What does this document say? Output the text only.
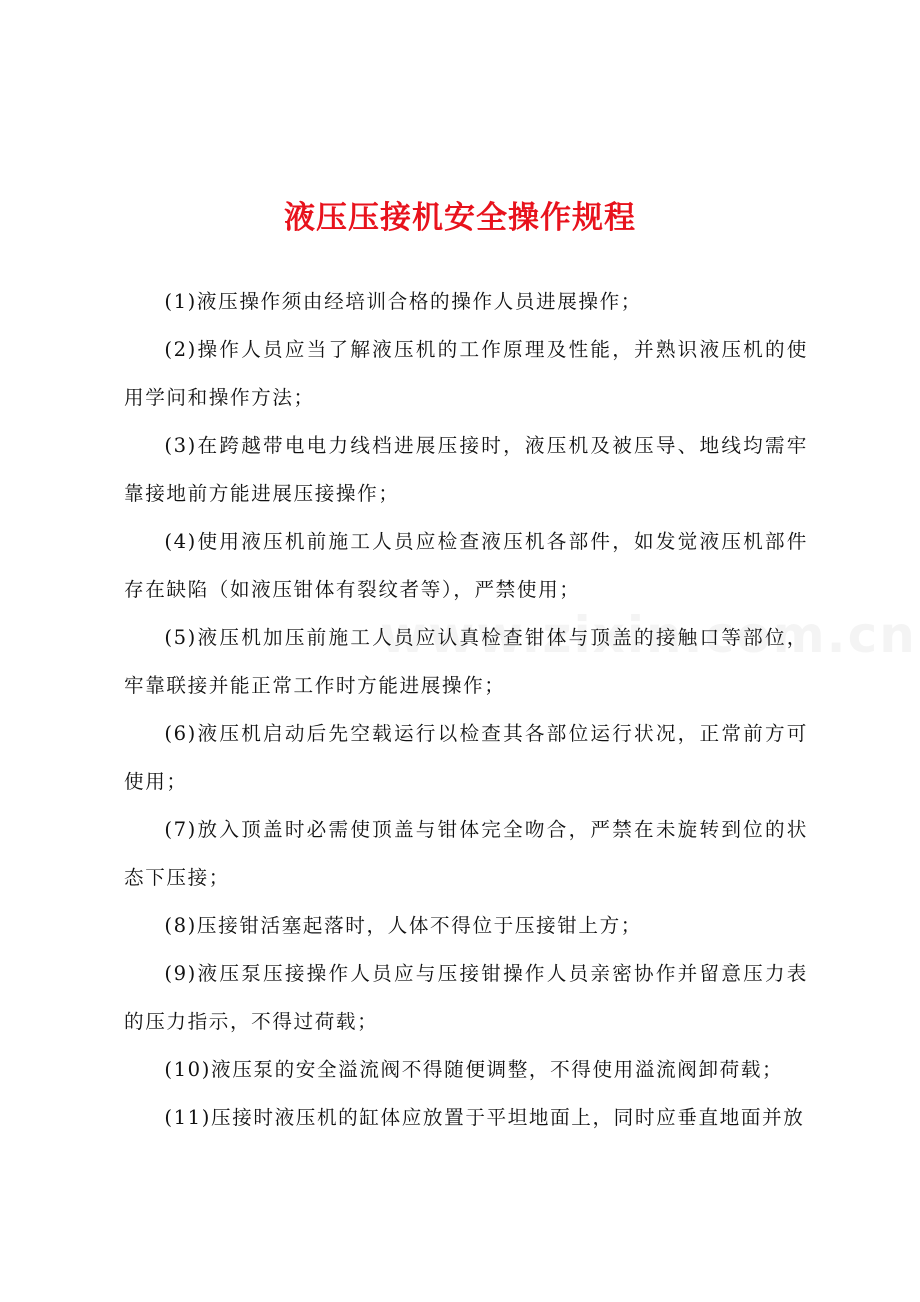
液压压接机安全操作规程

(1)液压操作须由经培训合格的操作人员进展操作；

(2)操作人员应当了解液压机的工作原理及性能，并熟识液压机的使用学问和操作方法；

(3)在跨越带电电力线档进展压接时，液压机及被压导、地线均需牢靠接地前方能进展压接操作；

(4)使用液压机前施工人员应检查液压机各部件，如发觉液压机部件存在缺陷（如液压钳体有裂纹者等），严禁使用；

(5)液压机加压前施工人员应认真检查钳体与顶盖的接触口等部位，牢靠联接并能正常工作时方能进展操作；

(6)液压机启动后先空载运行以检查其各部位运行状况，正常前方可使用；

(7)放入顶盖时必需使顶盖与钳体完全吻合，严禁在未旋转到位的状态下压接；

(8)压接钳活塞起落时，人体不得位于压接钳上方；

(9)液压泵压接操作人员应与压接钳操作人员亲密协作并留意压力表的压力指示，不得过荷载；

(10)液压泵的安全溢流阀不得随便调整，不得使用溢流阀卸荷载；

(11)压接时液压机的缸体应放置于平坦地面上，同时应垂直地面并放
